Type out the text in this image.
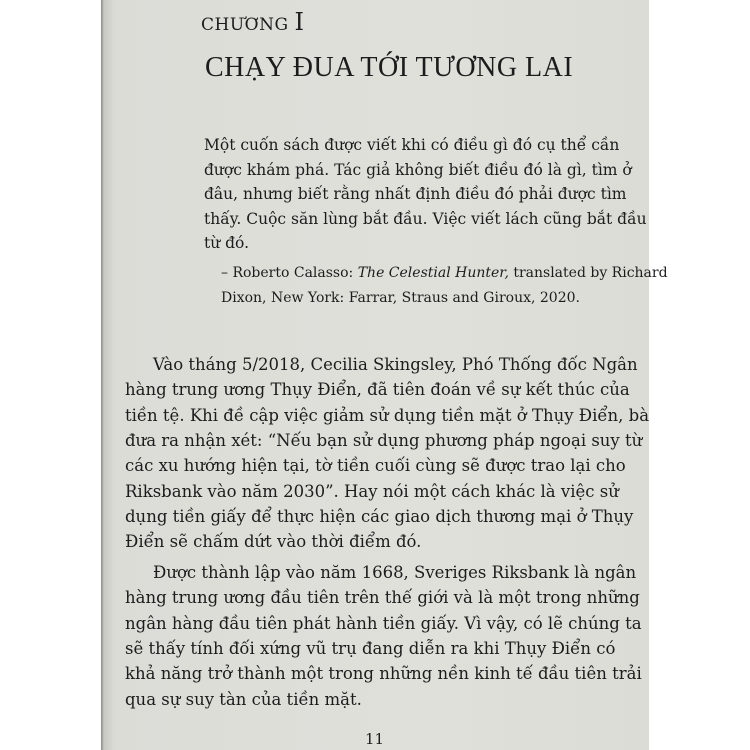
CHƯƠNG I
CHẠY ĐUA TỚI TƯƠNG LAI
Một cuốn sách được viết khi có điều gì đó cụ thể cần
được khám phá. Tác giả không biết điều đó là gì, tìm ở
đâu, nhưng biết rằng nhất định điều đó phải được tìm
thấy. Cuộc săn lùng bắt đầu. Việc viết lách cũng bắt đầu
từ đó.
– Roberto Calasso: The Celestial Hunter, translated by Richard
Dixon, New York: Farrar, Straus and Giroux, 2020.
Vào tháng 5/2018, Cecilia Skingsley, Phó Thống đốc Ngân
hàng trung ương Thụy Điển, đã tiên đoán về sự kết thúc của
tiền tệ. Khi đề cập việc giảm sử dụng tiền mặt ở Thụy Điển, bà
đưa ra nhận xét: “Nếu bạn sử dụng phương pháp ngoại suy từ
các xu hướng hiện tại, tờ tiền cuối cùng sẽ được trao lại cho
Riksbank vào năm 2030”. Hay nói một cách khác là việc sử
dụng tiền giấy để thực hiện các giao dịch thương mại ở Thụy
Điển sẽ chấm dứt vào thời điểm đó.
Được thành lập vào năm 1668, Sveriges Riksbank là ngân
hàng trung ương đầu tiên trên thế giới và là một trong những
ngân hàng đầu tiên phát hành tiền giấy. Vì vậy, có lẽ chúng ta
sẽ thấy tính đối xứng vũ trụ đang diễn ra khi Thụy Điển có
khả năng trở thành một trong những nền kinh tế đầu tiên trải
qua sự suy tàn của tiền mặt.
11
